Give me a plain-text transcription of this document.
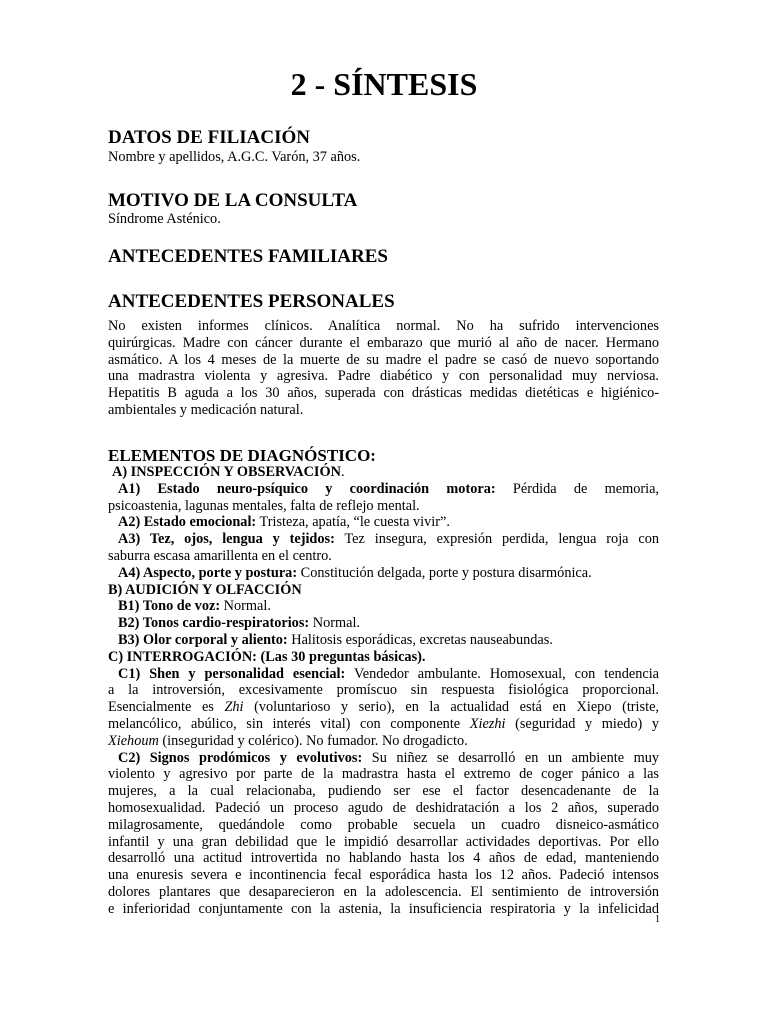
2 - SÍNTESIS
DATOS DE FILIACIÓN
Nombre y apellidos, A.G.C. Varón, 37 años.
MOTIVO DE LA CONSULTA
Síndrome Asténico.
ANTECEDENTES FAMILIARES
ANTECEDENTES PERSONALES
No existen informes clínicos. Analítica normal. No ha sufrido intervenciones
quirúrgicas. Madre con cáncer durante el embarazo que murió al año de nacer. Hermano
asmático. A los 4 meses de la muerte de su madre el padre se casó de nuevo soportando
una madrastra violenta y agresiva. Padre diabético y con personalidad muy nerviosa.
Hepatitis B aguda a los 30 años, superada con drásticas medidas dietéticas e higiénico-
ambientales y medicación natural.
ELEMENTOS DE DIAGNÓSTICO:
A) INSPECCIÓN Y OBSERVACIÓN.
A1) Estado neuro-psíquico y coordinación motora: Pérdida de memoria,
psicoastenia, lagunas mentales, falta de reflejo mental.
A2) Estado emocional: Tristeza, apatía, “le cuesta vivir”.
A3) Tez, ojos, lengua y tejidos: Tez insegura, expresión perdida, lengua roja con
saburra escasa amarillenta en el centro.
A4) Aspecto, porte y postura: Constitución delgada, porte y postura disarmónica.
B) AUDICIÓN Y OLFACCIÓN
B1) Tono de voz: Normal.
B2) Tonos cardio-respiratorios: Normal.
B3) Olor corporal y aliento: Halitosis esporádicas, excretas nauseabundas.
C) INTERROGACIÓN: (Las 30 preguntas básicas).
C1) Shen y personalidad esencial: Vendedor ambulante. Homosexual, con tendencia
a la introversión, excesivamente promíscuo sin respuesta fisiológica proporcional.
Esencialmente es Zhi (voluntarioso y serio), en la actualidad está en Xiepo (triste,
melancólico, abúlico, sin interés vital) con componente Xiezhi (seguridad y miedo) y
Xiehoum (inseguridad y colérico). No fumador. No drogadicto.
C2) Signos prodómicos y evolutivos: Su niñez se desarrolló en un ambiente muy
violento y agresivo por parte de la madrastra hasta el extremo de coger pánico a las
mujeres, a la cual relacionaba, pudiendo ser ese el factor desencadenante de la
homosexualidad. Padeció un proceso agudo de deshidratación a los 2 años, superado
milagrosamente, quedándole como probable secuela un cuadro disneico-asmático
infantil y una gran debilidad que le impidió desarrollar actividades deportivas. Por ello
desarrolló una actitud introvertida no hablando hasta los 4 años de edad, manteniendo
una enuresis severa e incontinencia fecal esporádica hasta los 12 años. Padeció intensos
dolores plantares que desaparecieron en la adolescencia. El sentimiento de introversión
e inferioridad conjuntamente con la astenia, la insuficiencia respiratoria y la infelicidad
1
